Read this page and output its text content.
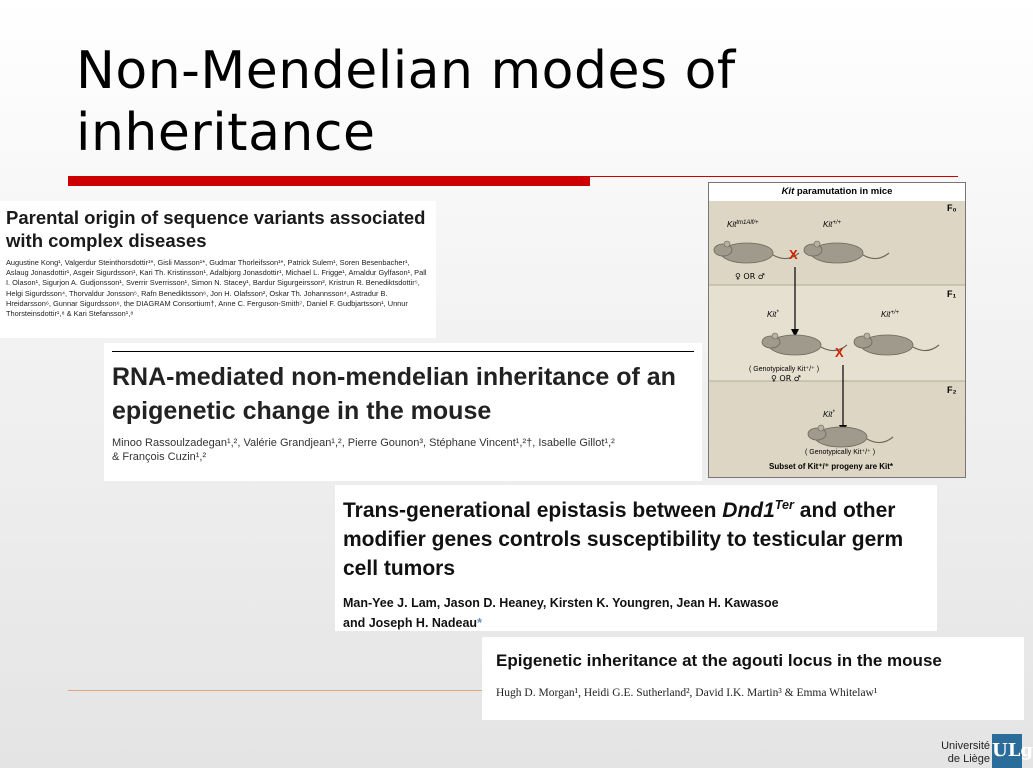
Non-Mendelian modes of inheritance

Parental origin of sequence variants associated with complex diseases

Augustine Kong¹, Valgerdur Steinthorsdottir¹*, Gisli Masson¹*, Gudmar Thorleifsson¹*, Patrick Sulem¹, Soren Besenbacher¹, Aslaug Jonasdottir¹, Asgeir Sigurdsson¹, Kari Th. Kristinsson¹, Adalbjorg Jonasdottir¹, Michael L. Frigge¹, Arnaldur Gylfason¹, Pall I. Olason¹, Sigurjon A. Gudjonsson¹, Sverrir Sverrisson¹, Simon N. Stacey¹, Bardur Sigurgeirsson², Kristrun R. Benediktsdottir⁵, Helgi Sigurdsson⁴, Thorvaldur Jonsson⁵, Rafn Benediktsson⁶, Jon H. Olafsson², Oskar Th. Johannsson⁴, Astradur B. Hreidarsson⁶, Gunnar Sigurdsson⁶, the DIAGRAM Consortium†, Anne C. Ferguson-Smith⁷, Daniel F. Gudbjartsson¹, Unnur Thorsteinsdottir¹,⁸ & Kari Stefansson¹,⁸

RNA-mediated non-mendelian inheritance of an epigenetic change in the mouse

Minoo Rassoulzadegan¹,², Valérie Grandjean¹,², Pierre Gounon³, Stéphane Vincent¹,²†, Isabelle Gillot¹,²
& François Cuzin¹,²

Trans-generational epistasis between $Dnd1^{Ter}$ and other modifier genes controls susceptibility to testicular germ cell tumors

Man-Yee J. Lam, Jason D. Heaney, Kirsten K. Youngren, Jean H. Kawasoe
and Joseph H. Nadeau*

Epigenetic inheritance at the agouti locus in the mouse

Hugh D. Morgan¹, Heidi G.E. Sutherland², David I.K. Martin³ & Emma Whitelaw¹
Kit paramutation in mice
F₀
F₁
F₂
Kit$^{tm1Alf/+}$	Kit+/+
X
♀ OR ♂
Kit*	Kit+/+
X
( Genotypically Kit⁺/⁺ )
♀ OR ♂
Kit*
( Genotypically Kit⁺/⁺ )
Subset of Kit⁺/⁺ progeny are Kit*
Université
de Liège ULg
